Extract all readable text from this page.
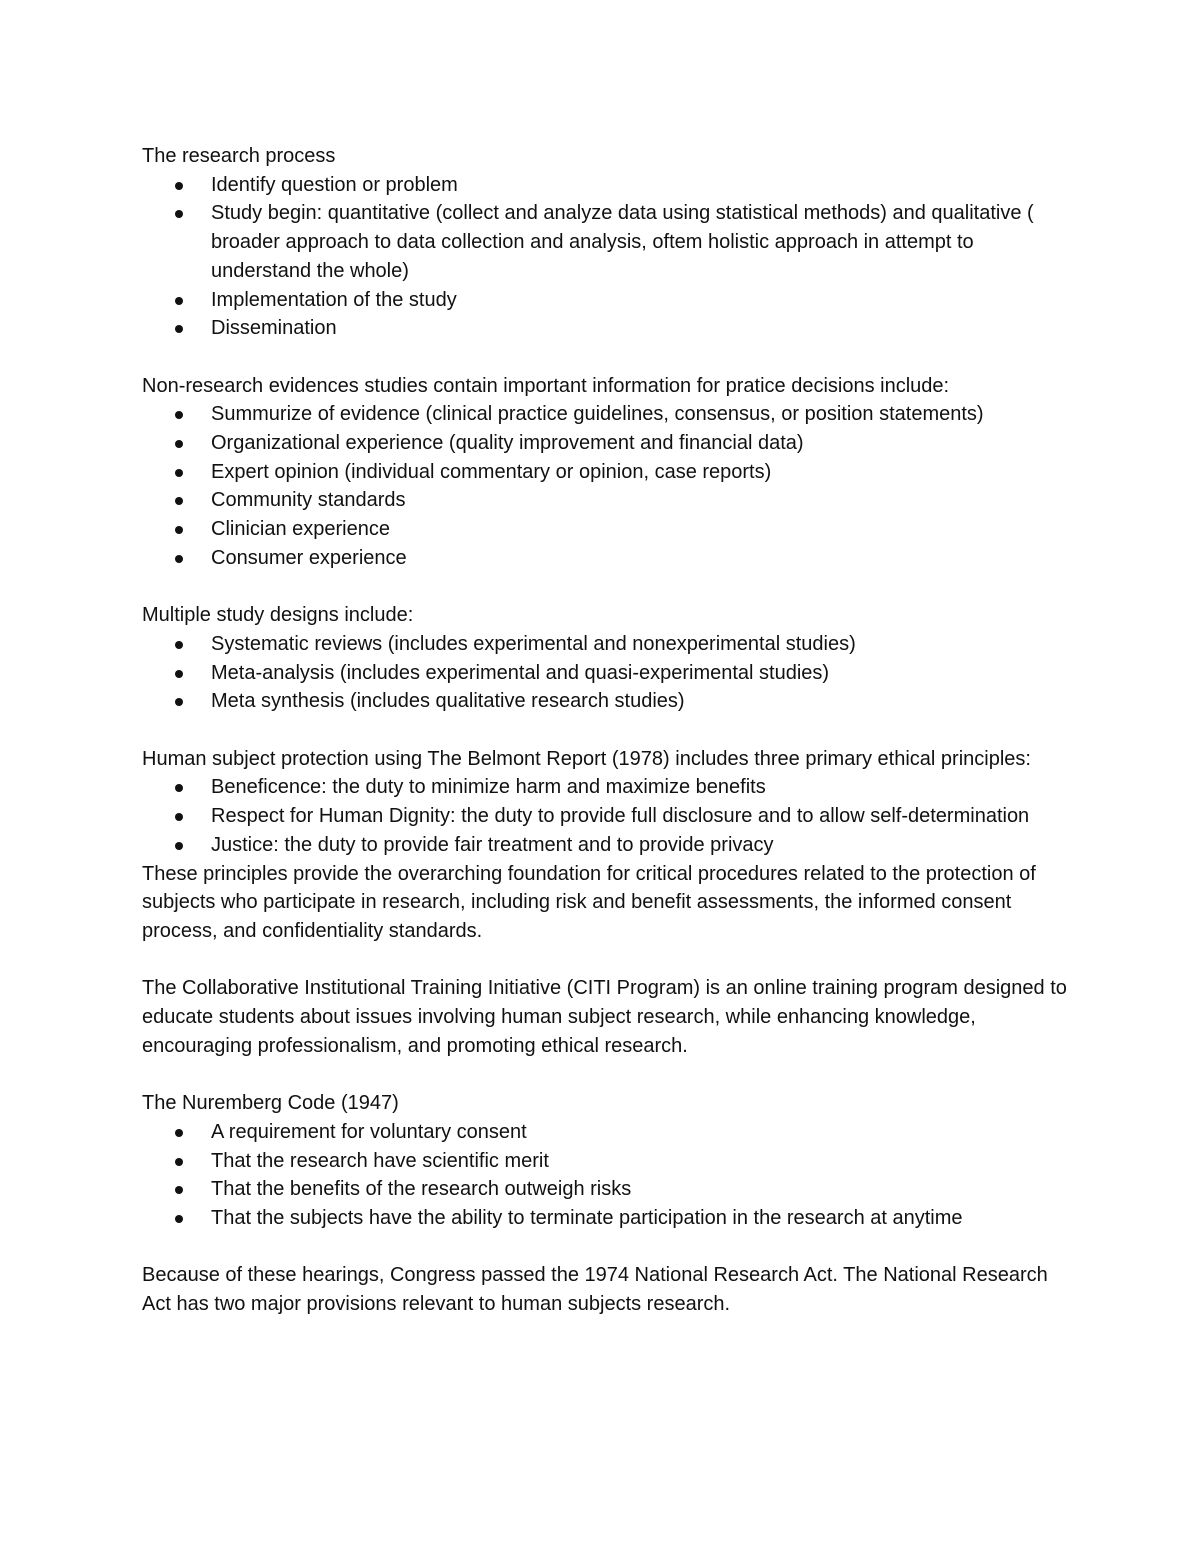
The research process

Identify question or problem
Study begin: quantitative (collect and analyze data using statistical methods) and qualitative ( broader approach to data collection and analysis, oftem holistic approach in attempt to understand the whole)
Implementation of the study
Dissemination

Non-research evidences studies contain important information for pratice decisions include:

Summurize of evidence (clinical practice guidelines, consensus, or position statements)
Organizational experience (quality improvement and financial data)
Expert opinion (individual commentary or opinion, case reports)
Community standards
Clinician experience
Consumer experience

Multiple study designs include:

Systematic reviews (includes experimental and nonexperimental studies)
Meta-analysis (includes experimental and quasi-experimental studies)
Meta synthesis (includes qualitative research studies)

Human subject protection using The Belmont Report (1978) includes three primary ethical principles:

Beneficence: the duty to minimize harm and maximize benefits
Respect for Human Dignity: the duty to provide full disclosure and to allow self-determination
Justice: the duty to provide fair treatment and to provide privacy

These principles provide the overarching foundation for critical procedures related to the protection of subjects who participate in research, including risk and benefit assessments, the informed consent process, and confidentiality standards.

The Collaborative Institutional Training Initiative (CITI Program) is an online training program designed to educate students about issues involving human subject research, while enhancing knowledge, encouraging professionalism, and promoting ethical research.

The Nuremberg Code (1947)

A requirement for voluntary consent
That the research have scientific merit
That the benefits of the research outweigh risks
That the subjects have the ability to terminate participation in the research at anytime

Because of these hearings, Congress passed the 1974 National Research Act. The National Research Act has two major provisions relevant to human subjects research.
